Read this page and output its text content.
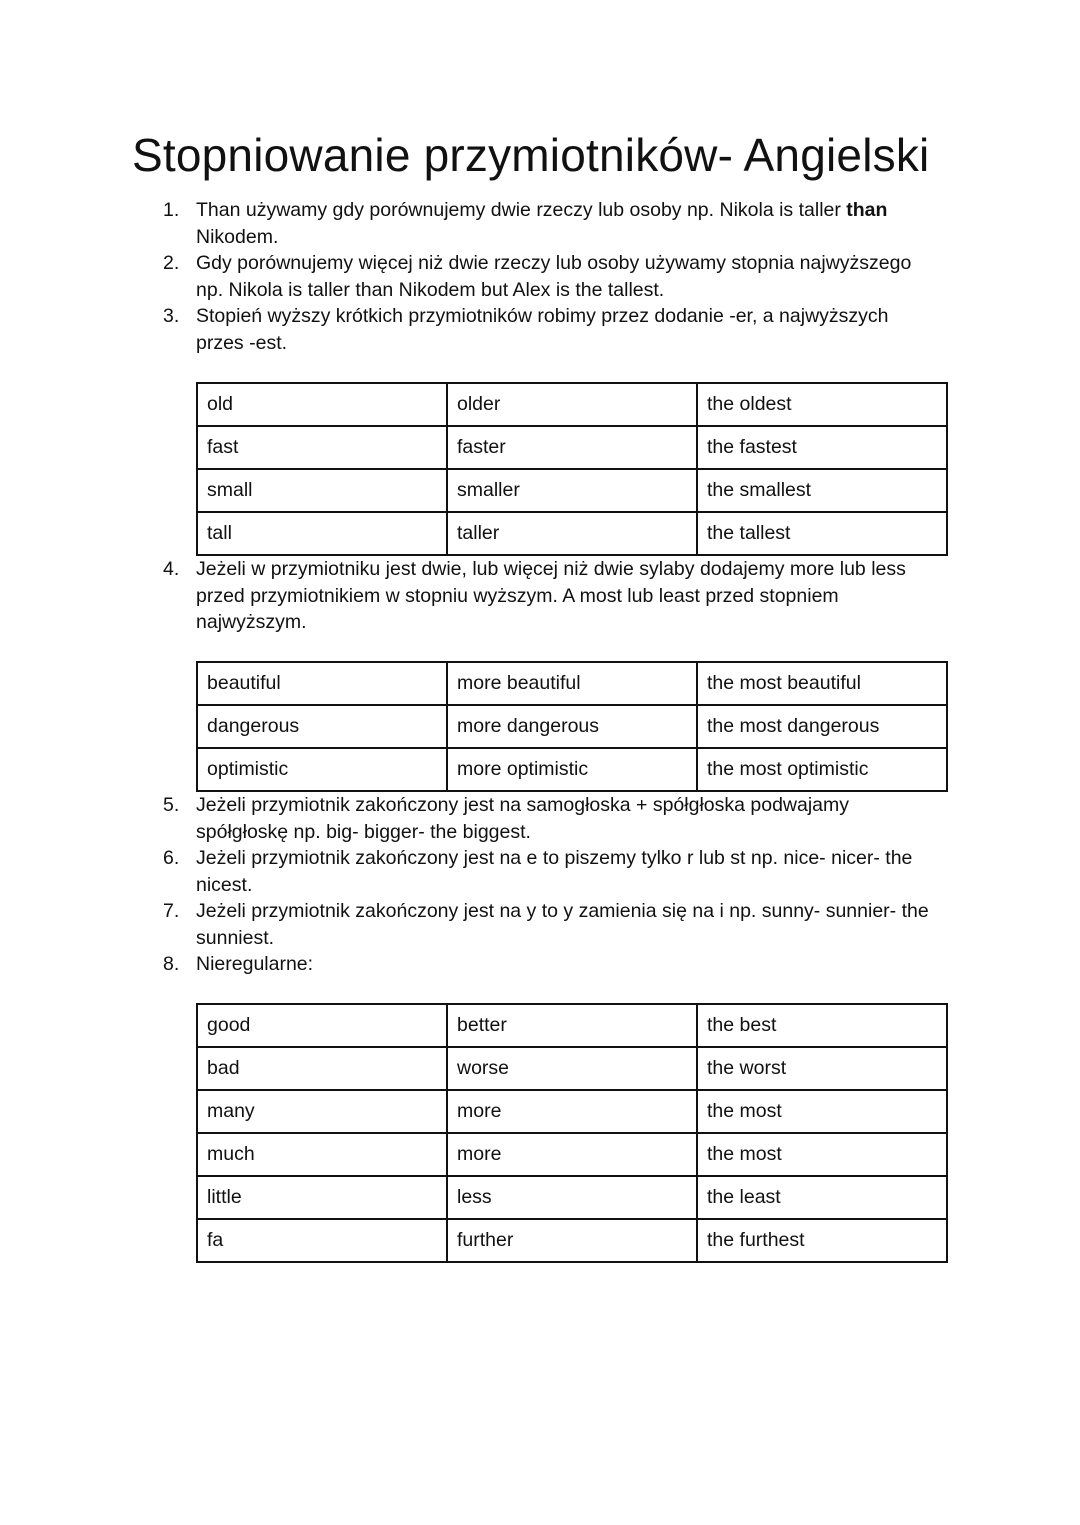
Stopniowanie przymiotników- Angielski
1. Than używamy gdy porównujemy dwie rzeczy lub osoby np. Nikola is taller than
Nikodem.
2. Gdy porównujemy więcej niż dwie rzeczy lub osoby używamy stopnia najwyższego
np. Nikola is taller than Nikodem but Alex is the tallest.
3. Stopień wyższy krótkich przymiotników robimy przez dodanie -er, a najwyższych
przes -est.
old	older	the oldest
fast	faster	the fastest
small	smaller	the smallest
tall	taller	the tallest
4. Jeżeli w przymiotniku jest dwie, lub więcej niż dwie sylaby dodajemy more lub less
przed przymiotnikiem w stopniu wyższym. A most lub least przed stopniem
najwyższym.
beautiful	more beautiful	the most beautiful
dangerous	more dangerous	the most dangerous
optimistic	more optimistic	the most optimistic
5. Jeżeli przymiotnik zakończony jest na samogłoska + spółgłoska podwajamy
spółgłoskę np. big- bigger- the biggest.
6. Jeżeli przymiotnik zakończony jest na e to piszemy tylko r lub st np. nice- nicer- the
nicest.
7. Jeżeli przymiotnik zakończony jest na y to y zamienia się na i np. sunny- sunnier- the
sunniest.
8. Nieregularne:
good	better	the best
bad	worse	the worst
many	more	the most
much	more	the most
little	less	the least
fa	further	the furthest
